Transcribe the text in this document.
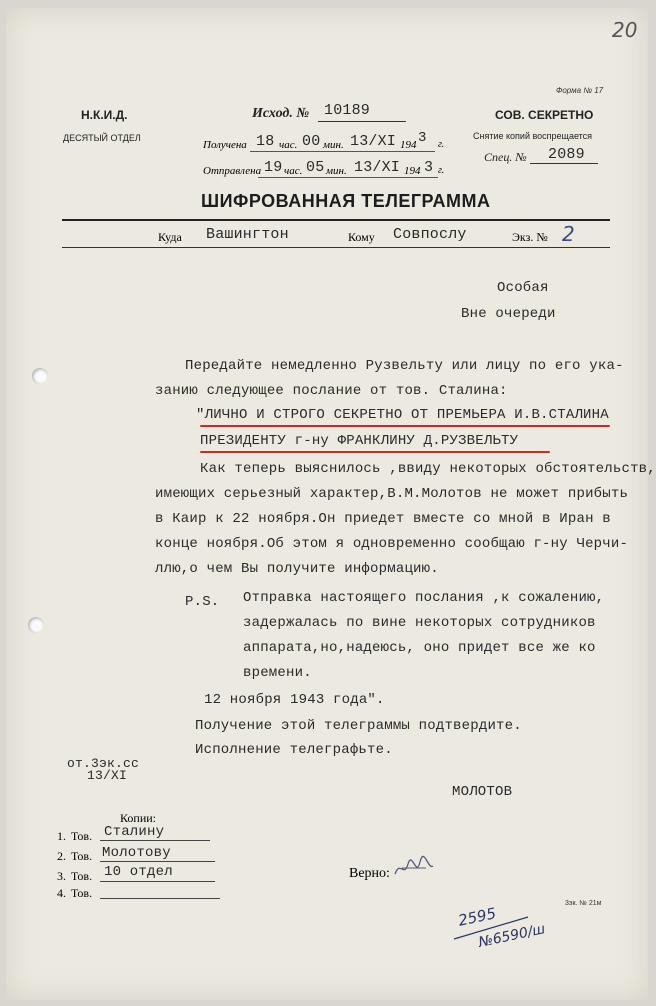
20
Форма № 17
Н.К.И.Д.
ДЕСЯТЫЙ ОТДЕЛ
Исход. № 10189	СОВ. СЕКРЕТНО
Снятие копий воспрещается
Спец. № 2089
Получена 18 час. 00 мин. 13/XI 194 3 г.
Отправлена 19 час. 05 мин. 13/XI 194 3 г.
ШИФРОВАННАЯ ТЕЛЕГРАММА
Куда Вашингтон	Кому Совпослу	Экз. № 2
Особая
Вне очереди
Передайте немедленно Рузвельту или лицу по его ука-
занию следующее послание от тов. Сталина:
"ЛИЧНО И СТРОГО СЕКРЕТНО ОТ ПРЕМЬЕРА И.В.СТАЛИНА
ПРЕЗИДЕНТУ г-ну ФРАНКЛИНУ Д.РУЗВЕЛЬТУ
Как теперь выяснилось ,ввиду некоторых обстоятельств,
имеющих серьезный характер,В.М.Молотов не может прибыть
в Каир к 22 ноября.Он приедет вместе со мной в Иран в
конце ноября.Об этом я одновременно сообщаю г-ну Черчи-
ллю,о чем Вы получите информацию.
P.S. Отправка настоящего послания ,к сожалению,
задержалась по вине некоторых сотрудников
аппарата,но,надеюсь, оно придет все же ко
времени.
12 ноября 1943 года".
Получение этой телеграммы подтвердите.
Исполнение телеграфьте.
от.3эк.сс
13/XI
МОЛОТОВ
Копии:
1. Тов. Сталину
2. Тов. Молотову
3. Тов. 10 отдел
4. Тов.
Верно:
3эк. № 21м
2595
№6590/ш
